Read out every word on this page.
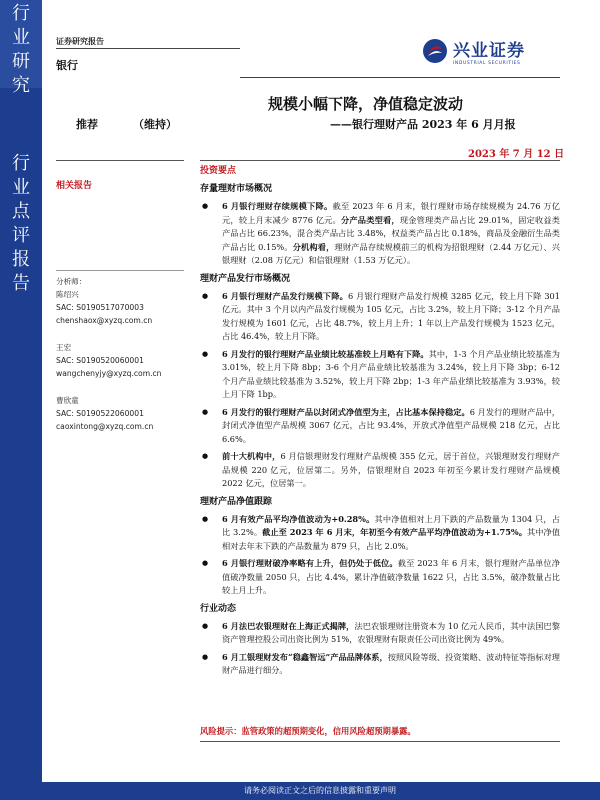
行
业
研
究
行
业
点
评
报
告
证券研究报告
银行
兴业证券
INDUSTRIAL SECURITIES
规模小幅下降，净值稳定波动
——银行理财产品 2023 年 6 月月报
推荐	（维持）
2023 年 7 月 12 日
相关报告
分析师：
陈绍兴
SAC: S0190517070003
chenshaox@xyzq.com.cn
王宏
SAC: S0190520060001
wangchenyjy@xyzq.com.cn
曹欣童
SAC: S0190522060001
caoxintong@xyzq.com.cn

投资要点

存量理财市场概况

● 6 月银行理财存续规模下降。截至 2023 年 6 月末，银行理财市场存续规模为 24.76 万亿元，较上月末减少 8776 亿元。分产品类型看，现金管理类产品占比 29.01%，固定收益类产品占比 66.23%，混合类产品占比 3.48%，权益类产品占比 0.18%，商品及金融衍生品类产品占比 0.15%。分机构看，理财产品存续规模前三的机构为招银理财（2.44 万亿元）、兴银理财（2.08 万亿元）和信银理财（1.53 万亿元）。

理财产品发行市场概况

● 6 月银行理财产品发行规模下降。6 月银行理财产品发行规模 3285 亿元，较上月下降 301 亿元。其中 3 个月以内产品发行规模为 105 亿元，占比 3.2%，较上月下降；3-12 个月产品发行规模为 1601 亿元，占比 48.7%，较上月上升；1 年以上产品发行规模为 1523 亿元，占比 46.4%，较上月下降。

● 6 月发行的银行理财产品业绩比较基准较上月略有下降。其中，1-3 个月产品业绩比较基准为 3.01%，较上月下降 8bp；3-6 个月产品业绩比较基准为 3.24%，较上月下降 3bp；6-12 个月产品业绩比较基准为 3.52%，较上月下降 2bp；1-3 年产品业绩比较基准为 3.93%，较上月下降 1bp。

● 6 月发行的银行理财产品以封闭式净值型为主，占比基本保持稳定。6 月发行的理财产品中，封闭式净值型产品规模 3067 亿元，占比 93.4%，开放式净值型产品规模 218 亿元，占比 6.6%。

● 前十大机构中，6 月信银理财发行理财产品规模 355 亿元，居于首位，兴银理财发行理财产品规模 220 亿元，位居第二。另外，信银理财自 2023 年初至今累计发行理财产品规模 2022 亿元，位居第一。

理财产品净值跟踪

● 6 月有效产品平均净值波动为+0.28%。其中净值相对上月下跌的产品数量为 1304 只，占比 3.2%。截止至 2023 年 6 月末，年初至今有效产品平均净值波动为+1.75%。其中净值相对去年末下跌的产品数量为 879 只，占比 2.0%。

● 6 月银行理财破净率略有上升，但仍处于低位。截至 2023 年 6 月末，银行理财产品单位净值破净数量 2050 只，占比 4.4%，累计净值破净数量 1622 只，占比 3.5%，破净数量占比较上月上升。

行业动态

● 6 月法巴农银理财在上海正式揭牌，法巴农银理财注册资本为 10 亿元人民币，其中法国巴黎资产管理控股公司出资比例为 51%，农银理财有限责任公司出资比例为 49%。

● 6 月工银理财发布“稳鑫智远”产品品牌体系，按照风险等级、投资策略、波动特征等指标对理财产品进行细分。

风险提示：监管政策的超预期变化，信用风险超预期暴露。
请务必阅读正文之后的信息披露和重要声明
